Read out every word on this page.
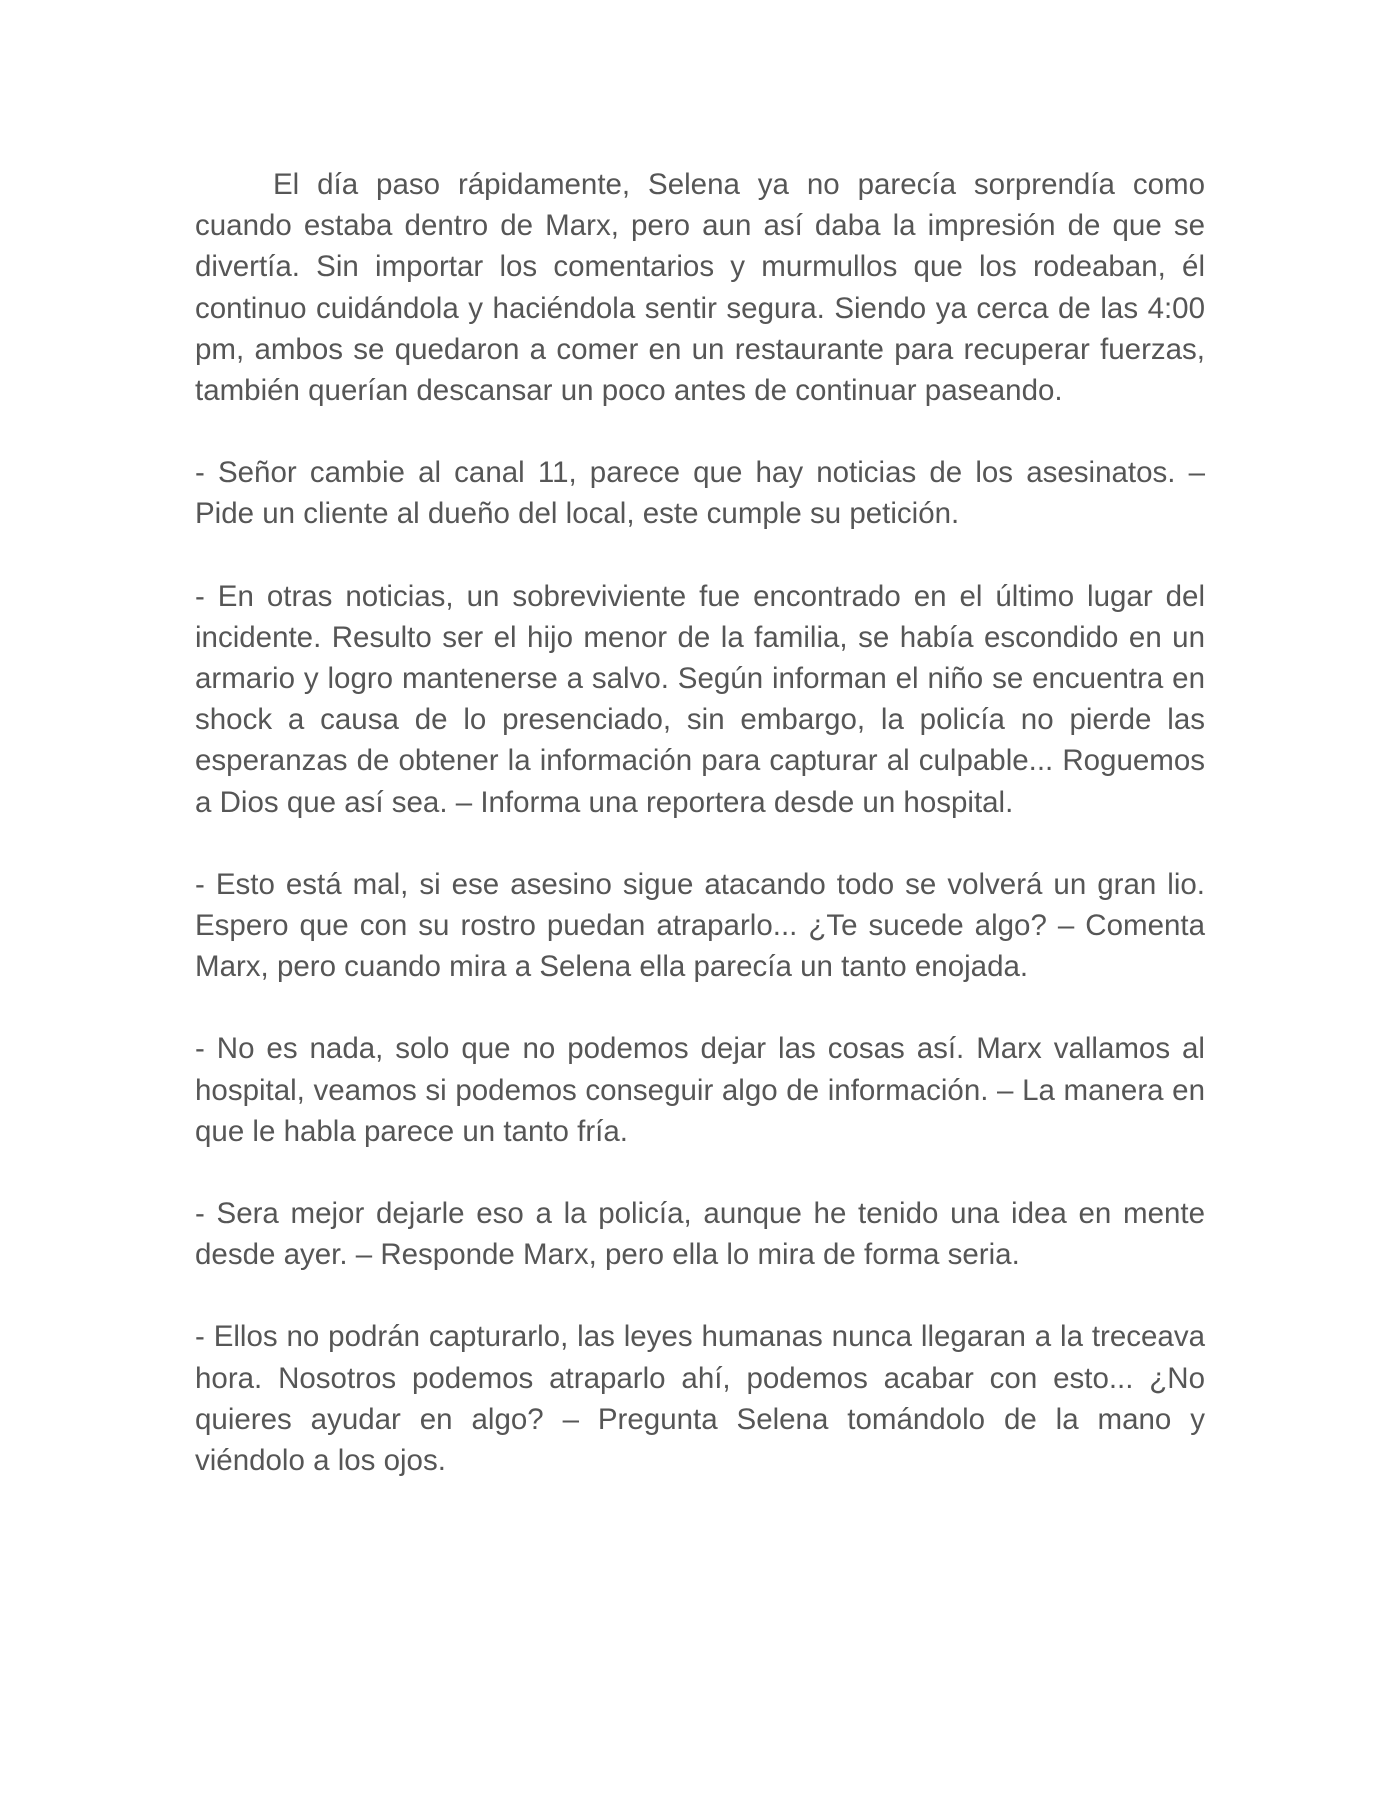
El día paso rápidamente, Selena ya no parecía sorprendía como cuando estaba dentro de Marx, pero aun así daba la impresión de que se divertía. Sin importar los comentarios y murmullos que los rodeaban, él continuo cuidándola y haciéndola sentir segura. Siendo ya cerca de las 4:00 pm, ambos se quedaron a comer en un restaurante para recuperar fuerzas, también querían descansar un poco antes de continuar paseando.

- Señor cambie al canal 11, parece que hay noticias de los asesinatos. – Pide un cliente al dueño del local, este cumple su petición.

- En otras noticias, un sobreviviente fue encontrado en el último lugar del incidente. Resulto ser el hijo menor de la familia, se había escondido en un armario y logro mantenerse a salvo. Según informan el niño se encuentra en shock a causa de lo presenciado, sin embargo, la policía no pierde las esperanzas de obtener la información para capturar al culpable... Roguemos a Dios que así sea. – Informa una reportera desde un hospital.

- Esto está mal, si ese asesino sigue atacando todo se volverá un gran lio. Espero que con su rostro puedan atraparlo... ¿Te sucede algo? – Comenta Marx, pero cuando mira a Selena ella parecía un tanto enojada.

- No es nada, solo que no podemos dejar las cosas así. Marx vallamos al hospital, veamos si podemos conseguir algo de información. – La manera en que le habla parece un tanto fría.

- Sera mejor dejarle eso a la policía, aunque he tenido una idea en mente desde ayer. – Responde Marx, pero ella lo mira de forma seria.

- Ellos no podrán capturarlo, las leyes humanas nunca llegaran a la treceava hora. Nosotros podemos atraparlo ahí, podemos acabar con esto... ¿No quieres ayudar en algo? – Pregunta Selena tomándolo de la mano y viéndolo a los ojos.
